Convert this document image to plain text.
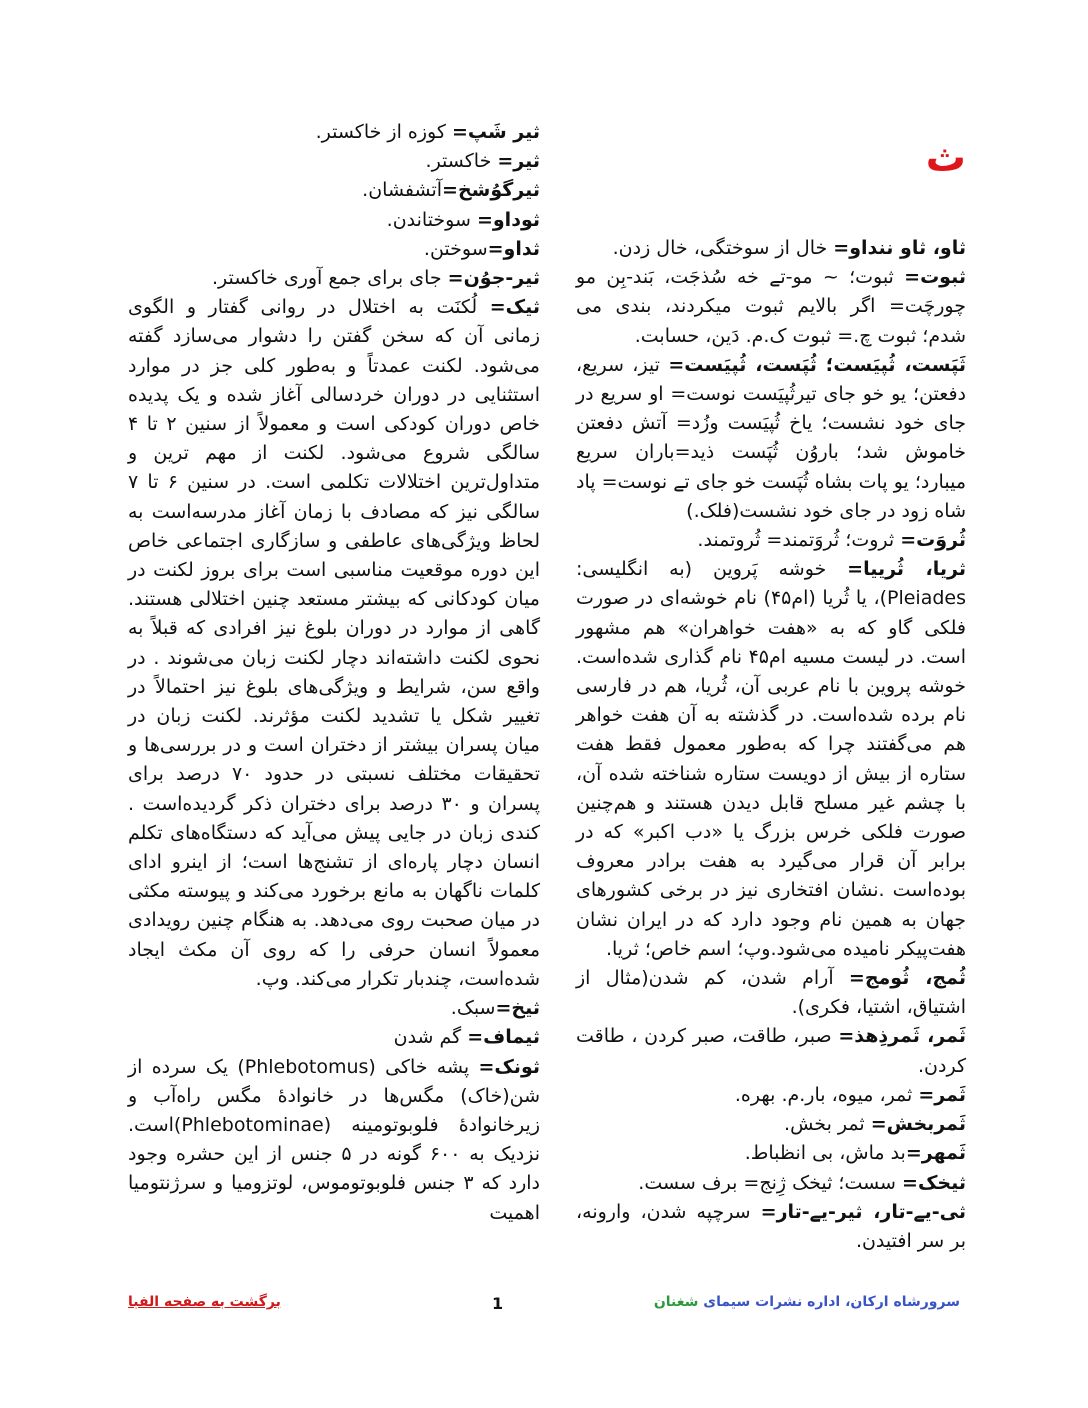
ث

ثاو، ثاو ننداو= خال از سوختگی، خال زدن.

ثبوت= ثبوت؛ ~ مو-تے خه سُذجَت، بَند-بِن مو چورچَت= اگر بالایم ثبوت میکردند، بندی می شدم؛ ثبوت چ.= ثبوت ک.م. دَین، حسابت.

ثَپَست، ثُپیَست؛ ثُپَست، ثُپیَست= تیز، سریع، دفعتن؛ یو خو جای تیرثُپیَست نوست= او سریع در جای خود نشست؛ یاخ ثُپیَست وزُد= آتش دفعتن خاموش شد؛ باروُن ثُپَست ذید=باران سریع میبارد؛ یو پات بشاه ثُپَست خو جای تے نوست= پاد شاه زود در جای خود نشست(فلک.)

ثُروَت= ثروت؛ ثُروَتمند= ثُروتمند.

ثریا، ثُرییا= خوشه پَروین (به انگلیسی: Pleiades)، یا ثُریا (ام۴۵) نام خوشه‌ای در صورت فلکی گاو که به «هفت خواهران» هم مشهور است. در لیست مسیه ام۴۵ نام گذاری شده‌است. خوشه پروین با نام عربی آن، ثُریا، هم در فارسی نام برده شده‌است. در گذشته به آن هفت خواهر هم می‌گفتند چرا که به‌طور معمول فقط هفت ستاره از بیش از دویست ستاره شناخته شده آن، با چشم غیر مسلح قابل دیدن هستند و هم‌چنین صورت فلکی خرس بزرگ یا «دب اکبر» که در برابر آن قرار می‌گیرد به هفت برادر معروف بوده‌است .نشان افتخاری نیز در برخی کشورهای جهان به همین نام وجود دارد که در ایران نشان هفت‌پیکر نامیده می‌شود.وپ؛ اسم خاص؛ ثریا.

ثُمج، ثُومج= آرام شدن، کم شدن(مثال از اشتیاق، اشتیا، فکری).

ثَمر، ثَمرذِهذ= صبر، طاقت، صبر کردن ، طاقت کردن.

ثَمر= ثمر، میوه، بار.م. بهره.

ثَمربخش= ثمر بخش.

ثَمهر=بد ماش، بی انظباط.

ثیخک= سست؛ ثیخک ژِنج= برف سست.

ثی-یے-تار، ثیر-یے-تار= سرچپه شدن، وارونه، بر سر افتیدن.

ثیر شَپ= کوزه از خاکستر.

ثیر= خاکستر.

ثیرگوُشخ=آتشفشان.

ثوداو= سوختاندن.

ثداو=سوختن.

ثیر-جوُن= جای برای جمع آوری خاکستر.

ثیک= لُکنَت به اختلال در روانی گفتار و الگوی زمانی آن که سخن گفتن را دشوار می‌سازد گفته می‌شود. لکنت عمدتاً و به‌طور کلی جز در موارد استثنایی در دوران خردسالی آغاز شده و یک پدیده خاص دوران کودکی است و معمولاً از سنین ۲ تا ۴ سالگی شروع می‌شود. لکنت از مهم ترین و متداول‌ترین اختلالات تکلمی است. در سنین ۶ تا ۷ سالگی نیز که مصادف با زمان آغاز مدرسه‌است به لحاظ ویژگی‌های عاطفی و سازگاری اجتماعی خاص این دوره موقعیت مناسبی است برای بروز لکنت در میان کودکانی که بیشتر مستعد چنین اختلالی هستند. گاهی از موارد در دوران بلوغ نیز افرادی که قبلاً به نحوی لکنت داشته‌اند دچار لکنت زبان می‌شوند . در واقع سن، شرایط و ویژگی‌های بلوغ نیز احتمالاً در تغییر شکل یا تشدید لکنت مؤثرند. لکنت زبان در میان پسران بیشتر از دختران است و در بررسی‌ها و تحقیقات مختلف نسبتی در حدود ۷۰ درصد برای پسران و ۳۰ درصد برای دختران ذکر گردیده‌است . کندی زبان در جایی پیش می‌آید که دستگاه‌های تکلم انسان دچار پاره‌ای از تشنج‌ها است؛ از اینرو ادای کلمات ناگهان به مانع برخورد می‌کند و پیوسته مکثی در میان صحبت روی می‌دهد. به هنگام چنین رویدادی معمولاً انسان حرفی را که روی آن مکث ایجاد شده‌است، چندبار تکرار می‌کند. وپ.

ثیخ=سبک.

ثیماف= گم شدن

ثونک= پشه خاکی (Phlebotomus) یک سرده از شن(خاک) مگس‌ها در خانوادهٔ مگس راه‌آب و زیرخانوادهٔ فلوبوتومینه (Phlebotominae)است. نزدیک به ۶۰۰ گونه در ۵ جنس از این حشره وجود دارد که ۳ جنس فلوبوتوموس، لوتزومیا و سرژنتومیا اهمیت

سرورشاه ارکان، اداره نشرات سیمای شغنان
1
برگشت به صفحه الفبا
